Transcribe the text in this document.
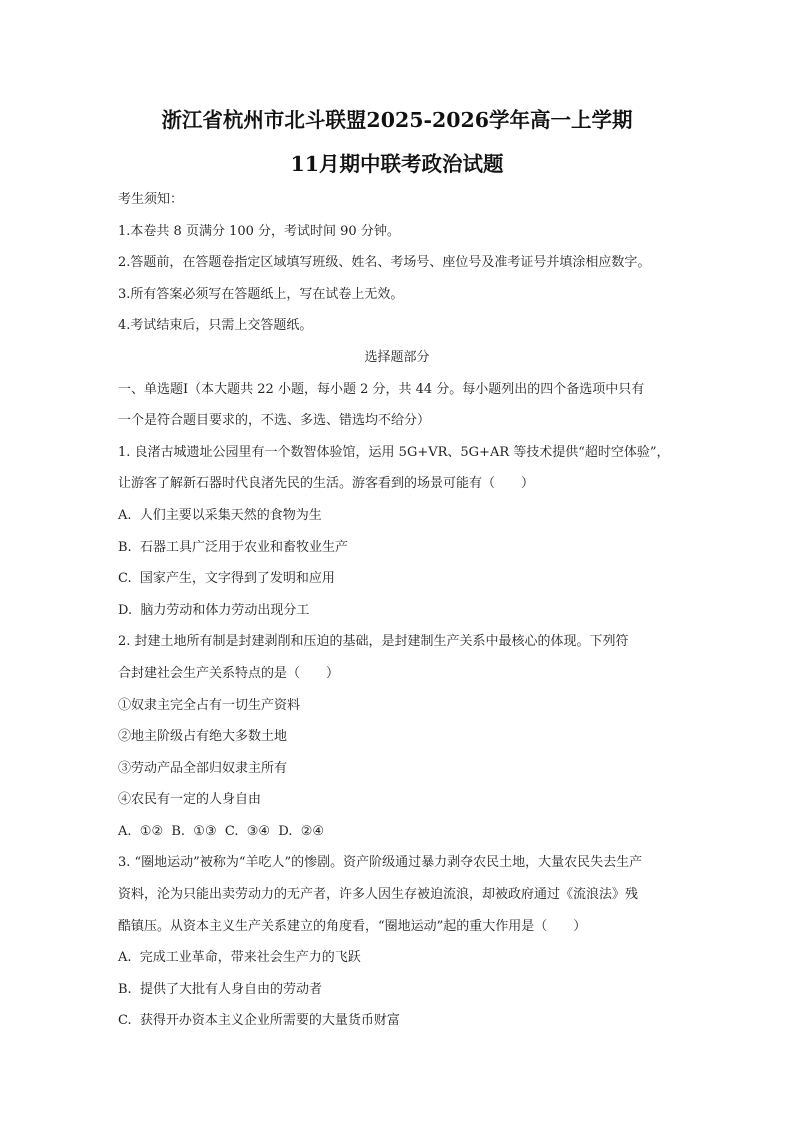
浙江省杭州市北斗联盟2025-2026学年高一上学期
11月期中联考政治试题
考生须知：
1.本卷共 8 页满分 100 分，考试时间 90 分钟。
2.答题前，在答题卷指定区域填写班级、姓名、考场号、座位号及准考证号并填涂相应数字。
3.所有答案必须写在答题纸上，写在试卷上无效。
4.考试结束后，只需上交答题纸。
选择题部分
一、单选题Ⅰ（本大题共 22 小题，每小题 2 分，共 44 分。每小题列出的四个备选项中只有
一个是符合题目要求的，不选、多选、错选均不给分）
1. 良渚古城遗址公园里有一个数智体验馆，运用 5G+VR、5G+AR 等技术提供“超时空体验”，
让游客了解新石器时代良渚先民的生活。游客看到的场景可能有（　　）
A.  人们主要以采集天然的食物为生
B.  石器工具广泛用于农业和畜牧业生产
C.  国家产生，文字得到了发明和应用
D.  脑力劳动和体力劳动出现分工
2. 封建土地所有制是封建剥削和压迫的基础，是封建制生产关系中最核心的体现。下列符
合封建社会生产关系特点的是（　　）
①奴隶主完全占有一切生产资料
②地主阶级占有绝大多数土地
③劳动产品全部归奴隶主所有
④农民有一定的人身自由
A.  ①②  B.  ①③  C.  ③④  D.  ②④
3. “圈地运动”被称为“羊吃人”的惨剧。资产阶级通过暴力剥夺农民土地，大量农民失去生产
资料，沦为只能出卖劳动力的无产者，许多人因生存被迫流浪，却被政府通过《流浪法》残
酷镇压。从资本主义生产关系建立的角度看，“圈地运动”起的重大作用是（　　）
A.  完成工业革命，带来社会生产力的飞跃
B.  提供了大批有人身自由的劳动者
C.  获得开办资本主义企业所需要的大量货币财富
